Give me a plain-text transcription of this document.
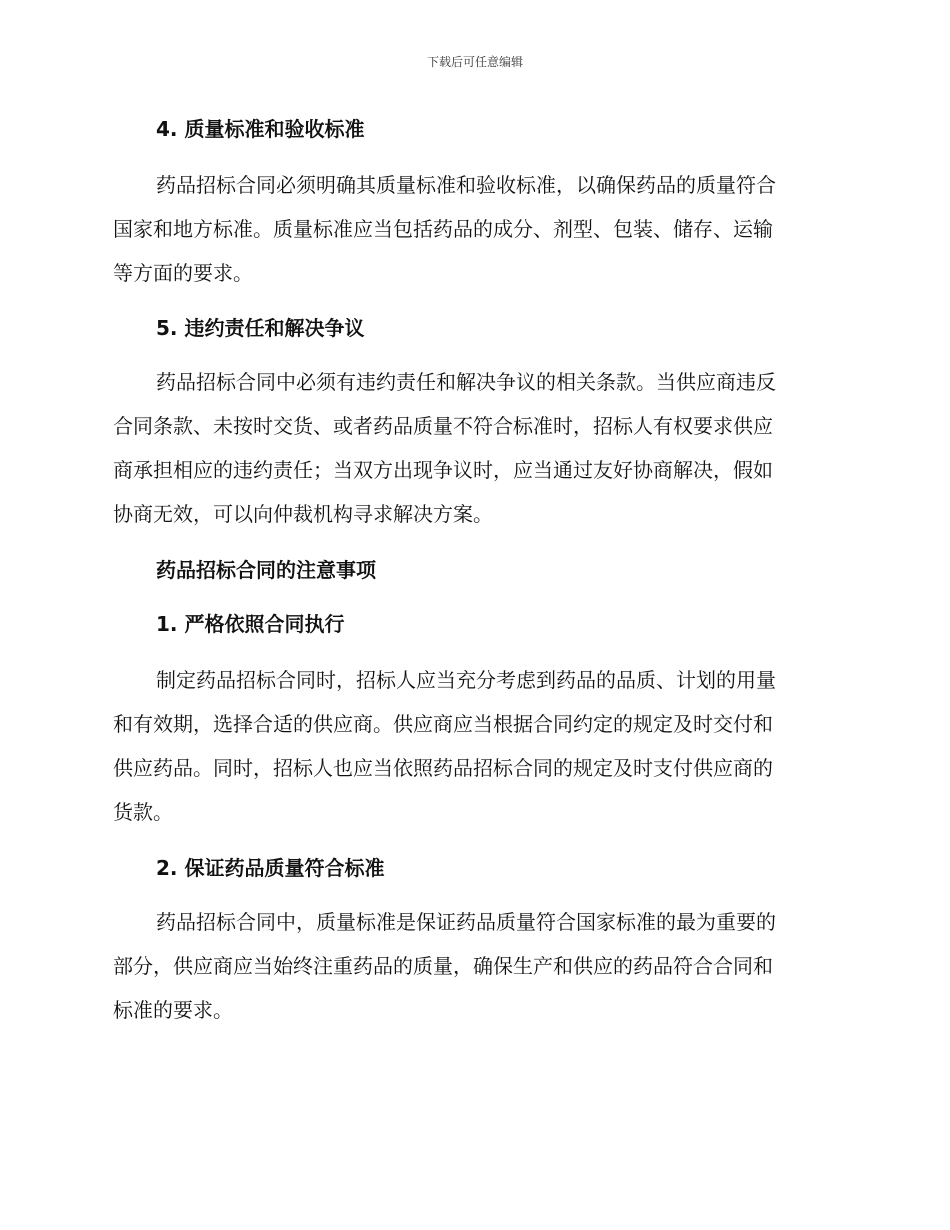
下载后可任意编辑
4. 质量标准和验收标准
药品招标合同必须明确其质量标准和验收标准，以确保药品的质量符合
国家和地方标准。质量标准应当包括药品的成分、剂型、包装、储存、运输
等方面的要求。
5. 违约责任和解决争议
药品招标合同中必须有违约责任和解决争议的相关条款。当供应商违反
合同条款、未按时交货、或者药品质量不符合标准时，招标人有权要求供应
商承担相应的违约责任；当双方出现争议时，应当通过友好协商解决，假如
协商无效，可以向仲裁机构寻求解决方案。
药品招标合同的注意事项
1. 严格依照合同执行
制定药品招标合同时，招标人应当充分考虑到药品的品质、计划的用量
和有效期，选择合适的供应商。供应商应当根据合同约定的规定及时交付和
供应药品。同时，招标人也应当依照药品招标合同的规定及时支付供应商的
货款。
2. 保证药品质量符合标准
药品招标合同中，质量标准是保证药品质量符合国家标准的最为重要的
部分，供应商应当始终注重药品的质量，确保生产和供应的药品符合合同和
标准的要求。
